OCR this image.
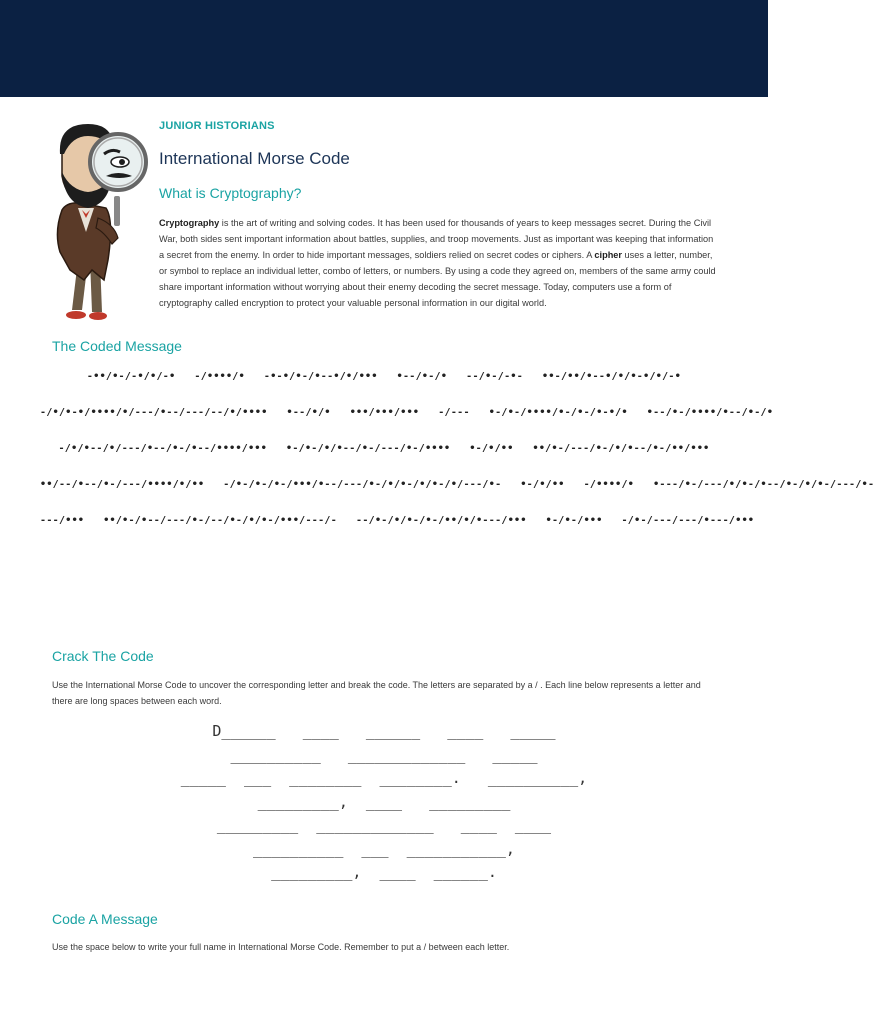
JUNIOR HISTORIANS
International Morse Code
What is Cryptography?

Cryptography is the art of writing and solving codes. It has been used for thousands of years to keep messages secret. During the Civil War, both sides sent important information about battles, supplies, and troop movements. Just as important was keeping that information a secret from the enemy. In order to hide important messages, soldiers relied on secret codes or ciphers. A cipher uses a letter, number, or symbol to replace an individual letter, combo of letters, or numbers. By using a code they agreed on, members of the same army could share important information without worrying about their enemy decoding the secret message. Today, computers use a form of cryptography called encryption to protect your valuable personal information in our digital world.

The Coded Message
-••/•-/-•/•/-•   -/••••/•   -•-•/•-/•--•/•/•••   •--/•-/•   --/•-/-•-   ••-/••/•--•/•/•-•/•/-•
-/•/•-•/••••/•/---/•--/---/--/•/••••   •--/•/•   •••/•••/•••   -/---   •-/•-/••••/•-/•-/•-•/•   •--/•-/••••/•--/•-/•
-/•/•--/•/---/•--/•-/•--/••••/•••   •-/•-/•/•--/•-/---/•-/••••   •-/•/••   ••/•-/---/•-/•/•--/•-/••/•••
••/--/•--/•-/---/••••/•/••   -/•-/•-/•-/•••/•--/---/•-/•/•-/•/•-/•/---/•-   •-/•/••   -/••••/•   •---/•-/---/•/•-/•--/•-/•/•-/---/•-
---/•••   ••/•-/•--/---/•-/--/•-/•/•-/•••/---/-   --/•-/•/•-/•-/••/•/•---/•••   •-/•-/•••   -/•-/---/---/•---/•••
Crack The Code

Use the International Morse Code to uncover the corresponding letter and break the code. The letters are separated by a / . Each line below represents a letter and there are long spaces between each word.

D______   ____   ______   ____   _____
__________   _____________   _____
_____  ___  ________  ________.   __________,
_________,  ____   _________
_________  _____________   ____  ____
__________  ___  ___________,
_________,  ____  ______.
Code A Message

Use the space below to write your full name in International Morse Code. Remember to put a / between each letter.
